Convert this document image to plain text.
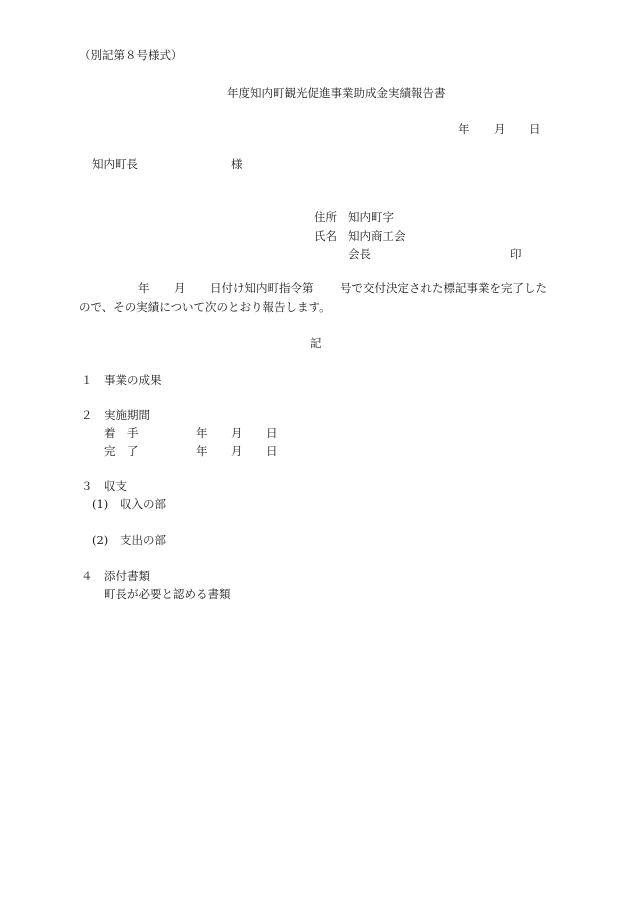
（別記第８号様式）
年度知内町観光促進事業助成金実績報告書
年 月 日
知内町長	様
住所 知内町字
氏名 知内商工会
会長	印
年 月 日付け知内町指令第 号で交付決定された標記事業を完了した
ので、その実績について次のとおり報告します。
記
１ 事業の成果
２ 実施期間
着　手	年 月 日
完　了	年 月 日
３ 収支
(1) 収入の部
(2) 支出の部
４ 添付書類
町長が必要と認める書類
